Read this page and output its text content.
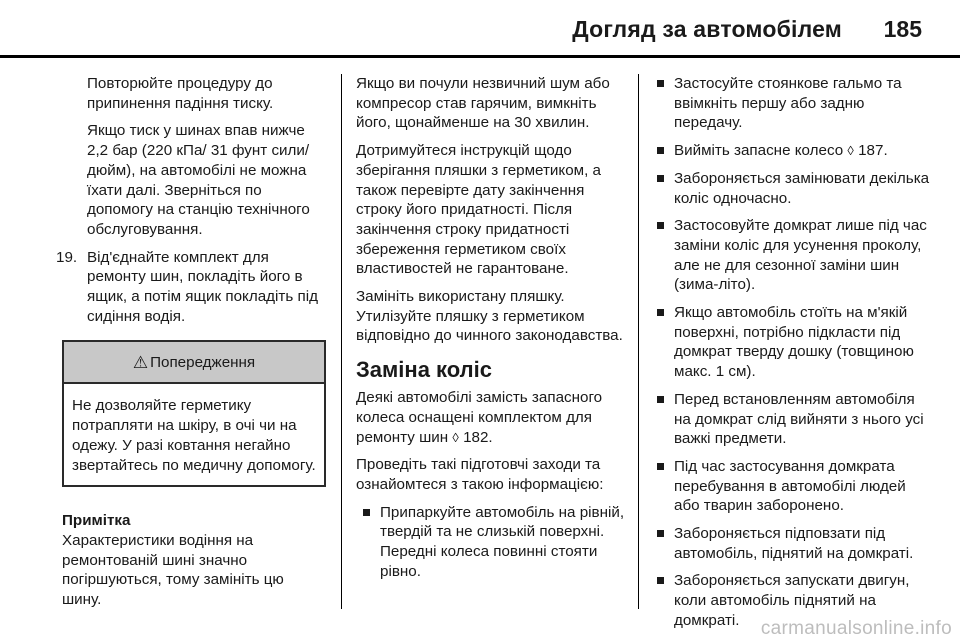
Догляд за автомобілем 185

Повторюйте процедуру до припинення падіння тиску.

Якщо тиск у шинах впав нижче 2,2 бар (220 кПа/ 31 фунт сили/дюйм), на автомобілі не можна їхати далі. Зверніться по допомогу на станцію технічного обслуговування.

19. Від'єднайте комплект для ремонту шин, покладіть його в ящик, а потім ящик покладіть під сидіння водія.
⚠ Попередження
Не дозволяйте герметику потрапляти на шкіру, в очі чи на одежу. У разі ковтання негайно звертайтесь по медичну допомогу.
Примітка
Характеристики водіння на ремонтованій шині значно погіршуються, тому замініть цю шину.

Якщо ви почули незвичний шум або компресор став гарячим, вимкніть його, щонайменше на 30 хвилин.

Дотримуйтеся інструкцій щодо зберігання пляшки з герметиком, а також перевірте дату закінчення строку його придатності. Після закінчення строку придатності збереження герметиком своїх властивостей не гарантоване.

Замініть використану пляшку. Утилізуйте пляшку з герметиком відповідно до чинного законодавства.

Заміна коліс

Деякі автомобілі замість запасного колеса оснащені комплектом для ремонту шин ◊ 182.

Проведіть такі підготовчі заходи та ознайомтеся з такою інформацією:

Припаркуйте автомобіль на рівній, твердій та не слизькій поверхні. Передні колеса повинні стояти рівно.
Застосуйте стоянкове гальмо та ввімкніть першу або задню передачу.
Вийміть запасне колесо ◊ 187.
Забороняється замінювати декілька коліс одночасно.
Застосовуйте домкрат лише під час заміни коліс для усунення проколу, але не для сезонної заміни шин (зима-літо).
Якщо автомобіль стоїть на м'якій поверхні, потрібно підкласти під домкрат тверду дошку (товщиною макс. 1 см).
Перед встановленням автомобіля на домкрат слід вийняти з нього усі важкі предмети.
Під час застосування домкрата перебування в автомобілі людей або тварин заборонено.
Забороняється підповзати під автомобіль, піднятий на домкраті.
Забороняється запускати двигун, коли автомобіль піднятий на домкраті.	carmanualsonline.info
